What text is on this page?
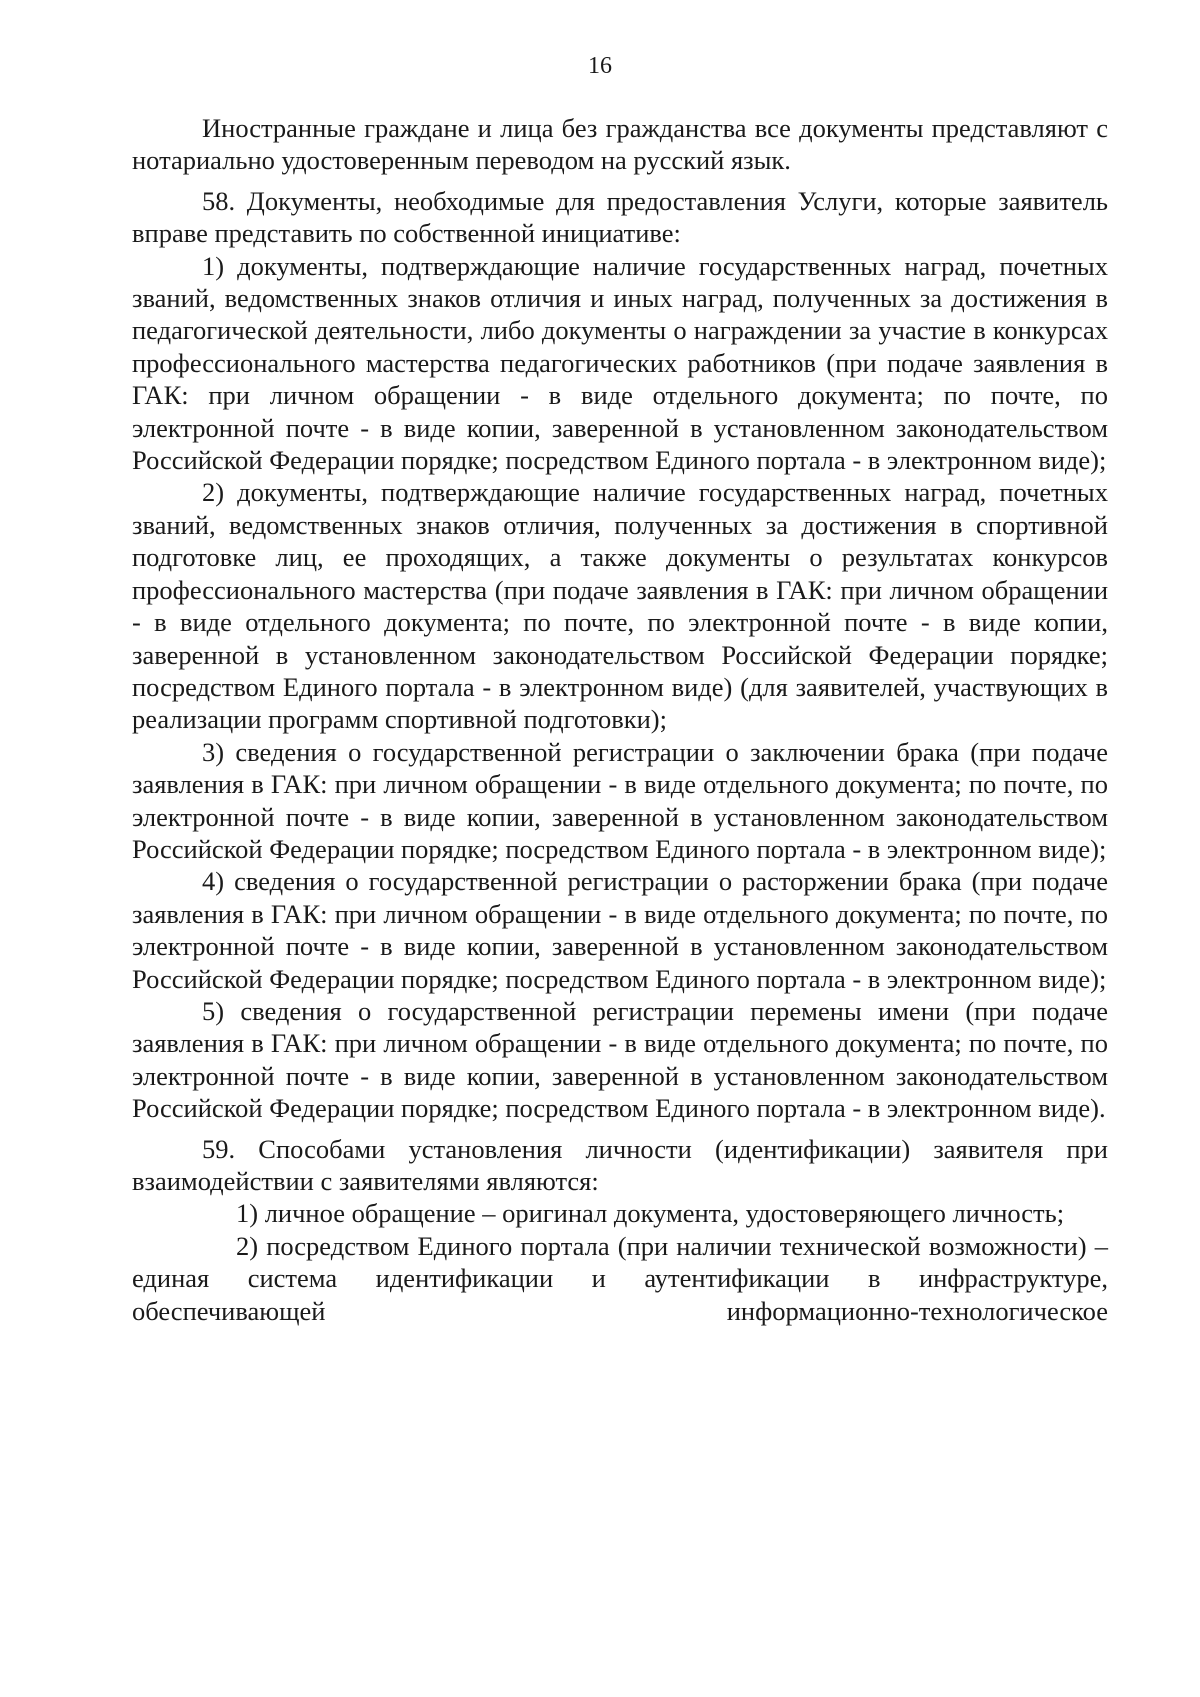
16

Иностранные граждане и лица без гражданства все документы представляют с нотариально удостоверенным переводом на русский язык.

58. Документы, необходимые для предоставления Услуги, которые заявитель вправе представить по собственной инициативе:

1) документы, подтверждающие наличие государственных наград, почетных званий, ведомственных знаков отличия и иных наград, полученных за достижения в педагогической деятельности, либо документы о награждении за участие в конкурсах профессионального мастерства педагогических работников (при подаче заявления в ГАК: при личном обращении - в виде отдельного документа; по почте, по электронной почте - в виде копии, заверенной в установленном законодательством Российской Федерации порядке; посредством Единого портала - в электронном виде);

2) документы, подтверждающие наличие государственных наград, почетных званий, ведомственных знаков отличия, полученных за достижения в спортивной подготовке лиц, ее проходящих, а также документы о результатах конкурсов профессионального мастерства (при подаче заявления в ГАК: при личном обращении - в виде отдельного документа; по почте, по электронной почте - в виде копии, заверенной в установленном законодательством Российской Федерации порядке; посредством Единого портала - в электронном виде) (для заявителей, участвующих в реализации программ спортивной подготовки);

3) сведения о государственной регистрации о заключении брака (при подаче заявления в ГАК: при личном обращении - в виде отдельного документа; по почте, по электронной почте - в виде копии, заверенной в установленном законодательством Российской Федерации порядке; посредством Единого портала - в электронном виде);

4) сведения о государственной регистрации о расторжении брака (при подаче заявления в ГАК: при личном обращении - в виде отдельного документа; по почте, по электронной почте - в виде копии, заверенной в установленном законодательством Российской Федерации порядке; посредством Единого портала - в электронном виде);

5) сведения о государственной регистрации перемены имени (при подаче заявления в ГАК: при личном обращении - в виде отдельного документа; по почте, по электронной почте - в виде копии, заверенной в установленном законодательством Российской Федерации порядке; посредством Единого портала - в электронном виде).

59. Способами установления личности (идентификации) заявителя при взаимодействии с заявителями являются:

1) личное обращение – оригинал документа, удостоверяющего личность;

2) посредством Единого портала (при наличии технической возможности) – единая система идентификации и аутентификации в инфраструктуре, обеспечивающей информационно-технологическое
